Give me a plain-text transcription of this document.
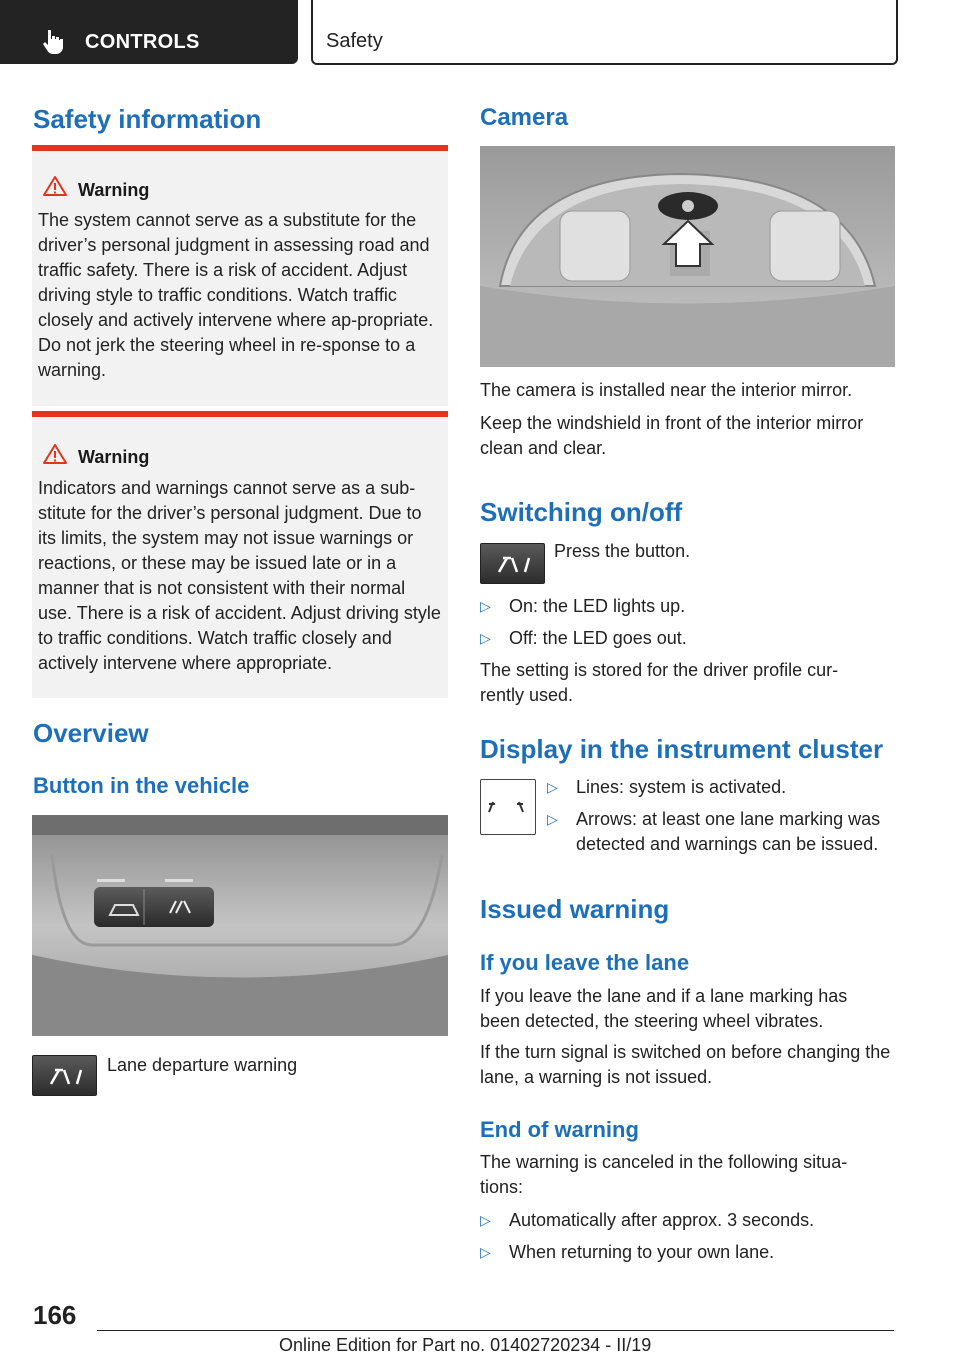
CONTROLS	Safety
Safety information
Warning
The system cannot serve as a substitute for the driver’s personal judgment in assessing road and traffic safety. There is a risk of accident. Adjust driving style to traffic conditions. Watch traffic closely and actively intervene where ap-propriate. Do not jerk the steering wheel in re-sponse to a warning.
Warning
Indicators and warnings cannot serve as a sub-stitute for the driver’s personal judgment. Due to its limits, the system may not issue warnings or reactions, or these may be issued late or in a manner that is not consistent with their normal use. There is a risk of accident. Adjust driving style to traffic conditions. Watch traffic closely and actively intervene where appropriate.
Overview
Button in the vehicle
Lane departure warning
Camera
The camera is installed near the interior mirror.
Keep the windshield in front of the interior mirror clean and clear.
Switching on/off
Press the button.
▷ On: the LED lights up.
▷ Off: the LED goes out.
The setting is stored for the driver profile cur-rently used.
Display in the instrument cluster
▷ Lines: system is activated.
▷ Arrows: at least one lane marking was detected and warnings can be issued.
Issued warning
If you leave the lane
If you leave the lane and if a lane marking has been detected, the steering wheel vibrates.
If the turn signal is switched on before changing the lane, a warning is not issued.
End of warning
The warning is canceled in the following situa-tions:
▷ Automatically after approx. 3 seconds.
▷ When returning to your own lane.
166
Online Edition for Part no. 01402720234 - II/19
